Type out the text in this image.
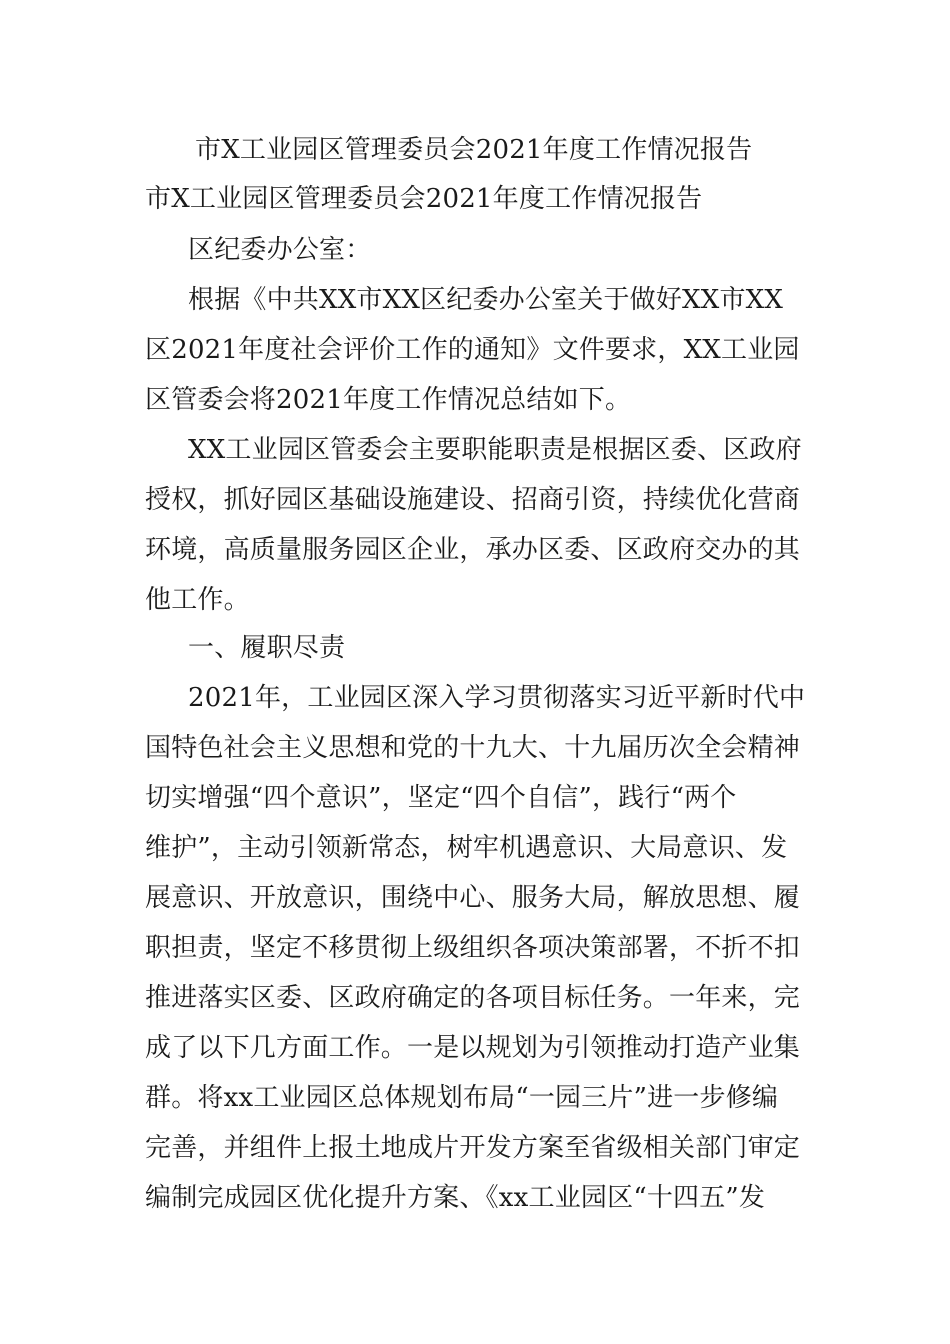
市X工业园区管理委员会2021年度工作情况报告
市X工业园区管理委员会2021年度工作情况报告
区纪委办公室：
根据《中共XX市XX区纪委办公室关于做好XX市XX
区2021年度社会评价工作的通知》文件要求，XX工业园
区管委会将2021年度工作情况总结如下。
XX工业园区管委会主要职能职责是根据区委、区政府
授权，抓好园区基础设施建设、招商引资，持续优化营商
环境，高质量服务园区企业，承办区委、区政府交办的其
他工作。
一、履职尽责
2021年，工业园区深入学习贯彻落实习近平新时代中
国特色社会主义思想和党的十九大、十九届历次全会精神
切实增强“四个意识”，坚定“四个自信”，践行“两个
维护”，主动引领新常态，树牢机遇意识、大局意识、发
展意识、开放意识，围绕中心、服务大局，解放思想、履
职担责，坚定不移贯彻上级组织各项决策部署，不折不扣
推进落实区委、区政府确定的各项目标任务。一年来，完
成了以下几方面工作。一是以规划为引领推动打造产业集
群。将xx工业园区总体规划布局“一园三片”进一步修编
完善，并组件上报土地成片开发方案至省级相关部门审定
编制完成园区优化提升方案、《xx工业园区“十四五”发
